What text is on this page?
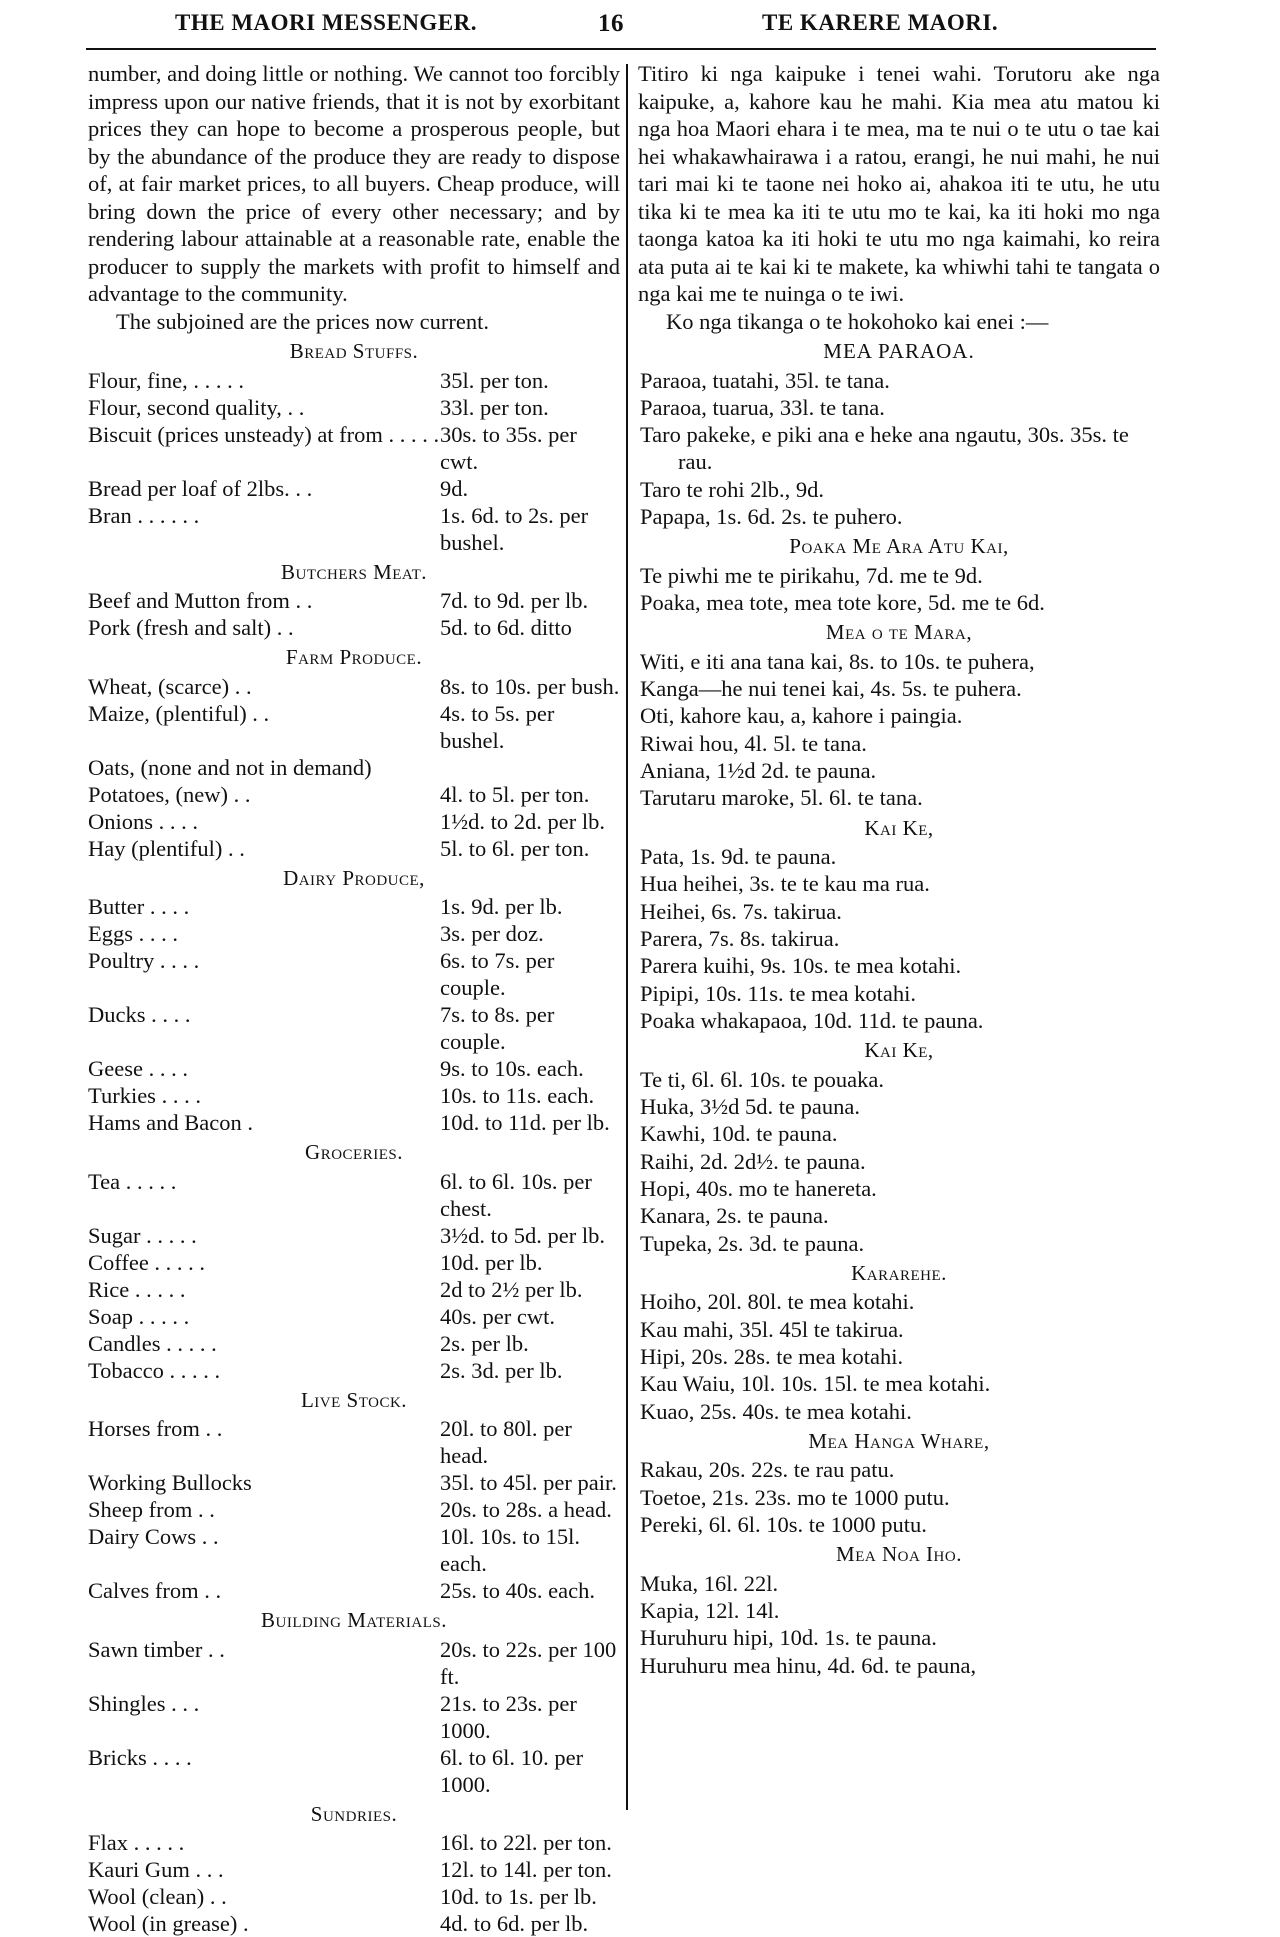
THE MAORI MESSENGER.	16	TE KARERE MAORI.

number, and doing little or nothing. We cannot too forcibly impress upon our native friends, that it is not by exorbitant prices they can hope to become a prosperous people, but by the abundance of the produce they are ready to dispose of, at fair market prices, to all buyers. Cheap produce, will bring down the price of every other necessary; and by rendering labour attainable at a reasonable rate, enable the producer to supply the markets with profit to himself and advantage to the community.

The subjoined are the prices now current.

Bread Stuffs.
Flour, fine, . . . . .	35l. per ton.
Flour, second quality, . .	33l. per ton.
Biscuit (prices unsteady) at from . . . . .	30s. to 35s. per cwt.
Bread per loaf of 2lbs. . .	9d.
Bran . . . . . .	1s. 6d. to 2s. per bushel.
Butchers Meat.
Beef and Mutton from . .	7d. to 9d. per lb.
Pork (fresh and salt) . .	5d. to 6d. ditto
Farm Produce.
Wheat, (scarce) . .	8s. to 10s. per bush.
Maize, (plentiful) . .	4s. to 5s. per bushel.
Oats, (none and not in demand)	
Potatoes, (new) . .	4l. to 5l. per ton.
Onions . . . .	1½d. to 2d. per lb.
Hay (plentiful) . .	5l. to 6l. per ton.
Dairy Produce,
Butter . . . .	1s. 9d. per lb.
Eggs . . . .	3s. per doz.
Poultry . . . .	6s. to 7s. per couple.
Ducks . . . .	7s. to 8s. per couple.
Geese . . . .	9s. to 10s. each.
Turkies . . . .	10s. to 11s. each.
Hams and Bacon .	10d. to 11d. per lb.
Groceries.
Tea . . . . .	6l. to 6l. 10s. per chest.
Sugar . . . . .	3½d. to 5d. per lb.
Coffee . . . . .	10d. per lb.
Rice . . . . .	2d to 2½ per lb.
Soap . . . . .	40s. per cwt.
Candles . . . . .	2s. per lb.
Tobacco . . . . .	2s. 3d. per lb.
Live Stock.
Horses from . .	20l. to 80l. per head.
Working Bullocks	35l. to 45l. per pair.
Sheep from . .	20s. to 28s. a head.
Dairy Cows . .	10l. 10s. to 15l. each.
Calves from . .	25s. to 40s. each.
Building Materials.
Sawn timber . .	20s. to 22s. per 100 ft.
Shingles . . .	21s. to 23s. per 1000.
Bricks . . . .	6l. to 6l. 10. per 1000.
Sundries.
Flax . . . . .	16l. to 22l. per ton.
Kauri Gum . . .	12l. to 14l. per ton.
Wool (clean) . .	10d. to 1s. per lb.
Wool (in grease) .	4d. to 6d. per lb.

Titiro ki nga kaipuke i tenei wahi. Torutoru ake nga kaipuke, a, kahore kau he mahi. Kia mea atu matou ki nga hoa Maori ehara i te mea, ma te nui o te utu o tae kai hei whakawhairawa i a ratou, erangi, he nui mahi, he nui tari mai ki te taone nei hoko ai, ahakoa iti te utu, he utu tika ki te mea ka iti te utu mo te kai, ka iti hoki mo nga taonga katoa ka iti hoki te utu mo nga kaimahi, ko reira ata puta ai te kai ki te makete, ka whiwhi tahi te tangata o nga kai me te nuinga o te iwi.

Ko nga tikanga o te hokohoko kai enei :—

MEA PARAOA.
Paraoa, tuatahi, 35l. te tana.
Paraoa, tuarua, 33l. te tana.
Taro pakeke, e piki ana e heke ana ngautu, 30s. 35s. te rau.
Taro te rohi 2lb., 9d.
Papapa, 1s. 6d. 2s. te puhero.
Poaka Me Ara Atu Kai,
Te piwhi me te pirikahu, 7d. me te 9d.
Poaka, mea tote, mea tote kore, 5d. me te 6d.
Mea o te Mara,
Witi, e iti ana tana kai, 8s. to 10s. te puhera,
Kanga—he nui tenei kai, 4s. 5s. te puhera.
Oti, kahore kau, a, kahore i paingia.
Riwai hou, 4l. 5l. te tana.
Aniana, 1½d 2d. te pauna.
Tarutaru maroke, 5l. 6l. te tana.
Kai Ke,
Pata, 1s. 9d. te pauna.
Hua heihei, 3s. te te kau ma rua.
Heihei, 6s. 7s. takirua.
Parera, 7s. 8s. takirua.
Parera kuihi, 9s. 10s. te mea kotahi.
Pipipi, 10s. 11s. te mea kotahi.
Poaka whakapaoa, 10d. 11d. te pauna.
Kai Ke,
Te ti, 6l. 6l. 10s. te pouaka.
Huka, 3½d 5d. te pauna.
Kawhi, 10d. te pauna.
Raihi, 2d. 2d½. te pauna.
Hopi, 40s. mo te hanereta.
Kanara, 2s. te pauna.
Tupeka, 2s. 3d. te pauna.
Kararehe.
Hoiho, 20l. 80l. te mea kotahi.
Kau mahi, 35l. 45l te takirua.
Hipi, 20s. 28s. te mea kotahi.
Kau Waiu, 10l. 10s. 15l. te mea kotahi.
Kuao, 25s. 40s. te mea kotahi.
Mea Hanga Whare,
Rakau, 20s. 22s. te rau patu.
Toetoe, 21s. 23s. mo te 1000 putu.
Pereki, 6l. 6l. 10s. te 1000 putu.
Mea Noa Iho.
Muka, 16l. 22l.
Kapia, 12l. 14l.
Huruhuru hipi, 10d. 1s. te pauna.
Huruhuru mea hinu, 4d. 6d. te pauna,
